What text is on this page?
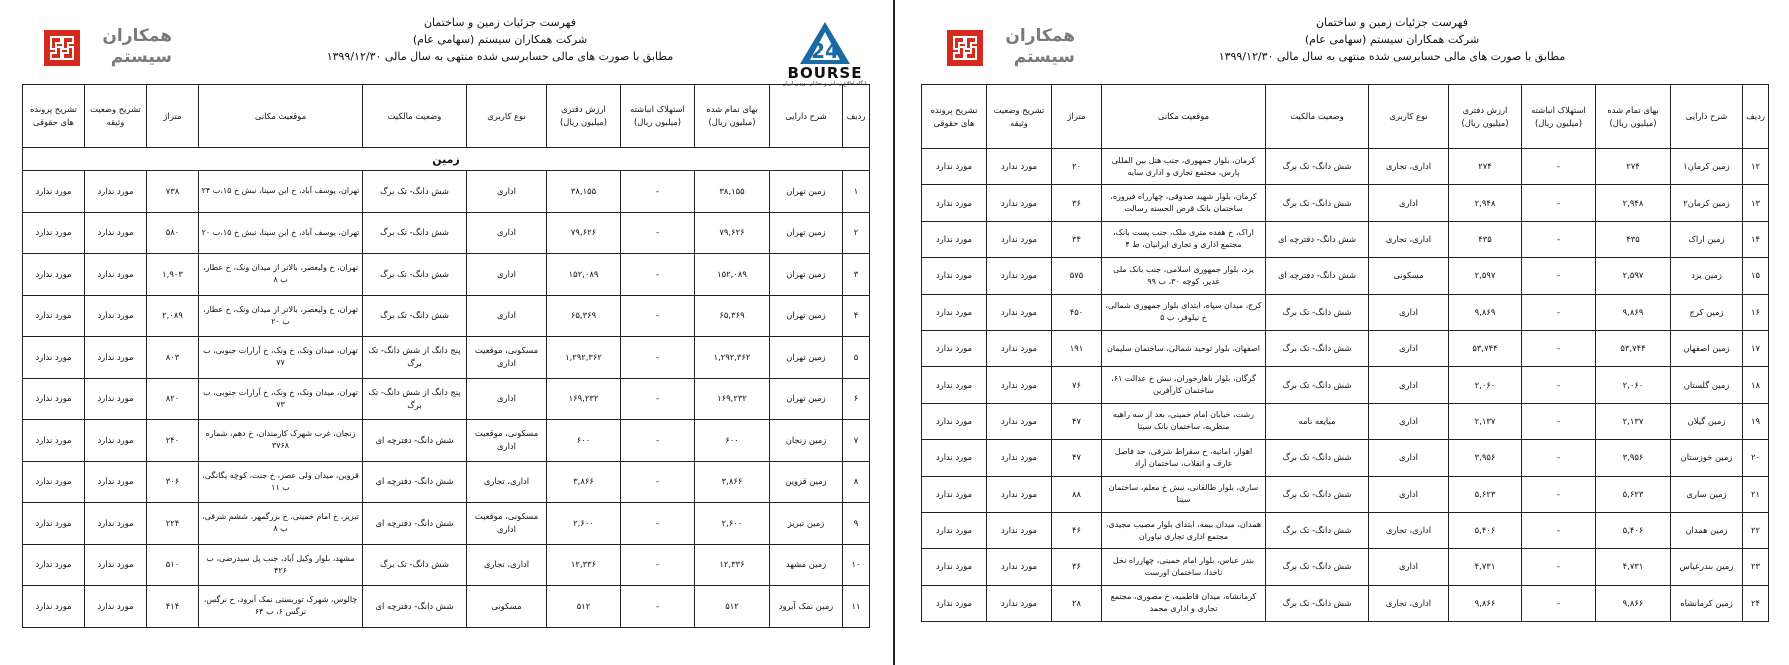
همکاران
سیستم
فهرست جزئیات زمین و ساختمان
شرکت همکاران سیستم (سهامی عام)
مطابق با صورت های مالی حسابرسی شده منتهی به سال مالی ۱۳۹۹/۱۲/۳۰	24
BOURSE
پایگاه اطلاع رسانی و تحلیلی بورس ایران
ردیف	شرح دارایی	بهای تمام شده (میلیون ریال)	استهلاک انباشته (میلیون ریال)	ارزش دفتری (میلیون ریال)	نوع کاربری	وضعیت مالکیت	موقعیت مکانی	متراژ	تشریح وضعیت وثیقه	تشریح پرونده های حقوقی
زمین										
۱	زمین تهران	۳۸,۱۵۵	-	۳۸,۱۵۵	اداری	شش دانگ- تک برگ	تهران، یوسف آباد، خ ابن سینا، نبش خ ۱۵،ب ۲۴	۷۳۸	مورد ندارد	مورد ندارد
۲	زمین تهران	۷۹,۶۲۶	-	۷۹,۶۲۶	اداری	شش دانگ- تک برگ	تهران، یوسف آباد، خ ابن سینا، نبش خ ۱۵،ب ۲۰	۵۸۰	مورد ندارد	مورد ندارد
۳	زمین تهران	۱۵۲,۰۸۹	-	۱۵۲,۰۸۹	اداری	شش دانگ- تک برگ	تهران، خ ولیعصر، بالاتر از میدان ونک، خ عطار، ب ۸	۱,۹۰۳	مورد ندارد	مورد ندارد
۴	زمین تهران	۶۵,۳۶۹	-	۶۵,۳۶۹	اداری	شش دانگ- تک برگ	تهران، خ ولیعصر، بالاتر از میدان ونک، خ عطار، ب ۲۰	۲,۰۸۹	مورد ندارد	مورد ندارد
۵	زمین تهران	۱,۲۹۲,۳۶۲	-	۱,۲۹۲,۳۶۲	مسکونی، موقعیت اداری	پنج دانگ از شش دانگ- تک برگ	تهران، میدان ونک، خ ونک، خ آرارات جنوبی، ب ۷۷	۸۰۳	مورد ندارد	مورد ندارد
۶	زمین تهران	۱۶۹,۲۳۲	-	۱۶۹,۲۳۲	اداری	پنج دانگ از شش دانگ- تک برگ	تهران، میدان ونک، خ ونک، خ آرارات جنوبی، ب ۷۳	۸۲۰	مورد ندارد	مورد ندارد
۷	زمین زنجان	۶۰۰	-	۶۰۰	مسکونی، موقعیت اداری	شش دانگ- دفترچه ای	زنجان، غرب شهرک کارمندان، خ دهم، شماره ۳۷۶۸	۲۴۰	مورد ندارد	مورد ندارد
۸	زمین قزوین	۳,۸۶۶	-	۳,۸۶۶	اداری، تجاری	شش دانگ- دفترچه ای	قزوین، میدان ولی عصر، خ جنت، کوچه یگانگی، ب ۱۱	۳۰۶	مورد ندارد	مورد ندارد
۹	زمین تبریز	۲,۶۰۰	-	۲,۶۰۰	مسکونی، موقعیت اداری	شش دانگ- دفترچه ای	تبریز، خ امام خمینی، خ بزرگمهر، ششم شرقی، ب ۸	۲۲۴	مورد ندارد	مورد ندارد
۱۰	زمین مشهد	۱۲,۳۳۶	-	۱۲,۳۳۶	اداری، تجاری	شش دانگ- تک برگ	مشهد، بلوار وکیل آباد، جنب پل سیدرضی، ب ۴۲۶	۵۱۰	مورد ندارد	مورد ندارد
۱۱	زمین نمک آبرود	۵۱۲	-	۵۱۲	مسکونی	شش دانگ- دفترچه ای	چالوس، شهرک توریستی نمک آبرود، خ نرگس، نرگس ۶، ب ۶۴	۴۱۴	مورد ندارد	مورد ندارد
همکاران
سیستم
فهرست جزئیات زمین و ساختمان
شرکت همکاران سیستم (سهامی عام)
مطابق با صورت های مالی حسابرسی شده منتهی به سال مالی ۱۳۹۹/۱۲/۳۰
ردیف	شرح دارایی	بهای تمام شده (میلیون ریال)	استهلاک انباشته (میلیون ریال)	ارزش دفتری (میلیون ریال)	نوع کاربری	وضعیت مالکیت	موقعیت مکانی	متراژ	تشریح وضعیت وثیقه	تشریح پرونده های حقوقی
۱۲	زمین کرمان۱	۲۷۴	-	۲۷۴	اداری، تجاری	شش دانگ- تک برگ	کرمان، بلوار جمهوری، جنب هتل بین المللی پارس، مجتمع تجاری و اداری سایه	۲۰	مورد ندارد	مورد ندارد
۱۳	زمین کرمان۲	۲,۹۴۸	-	۲,۹۴۸	اداری	شش دانگ- تک برگ	کرمان، بلوار شهید صدوقی، چهارراه فیروزه، ساختمان بانک قرض الحسنه رسالت	۳۶	مورد ندارد	مورد ندارد
۱۴	زمین اراک	۴۳۵	-	۴۳۵	اداری، تجاری	شش دانگ- دفترچه ای	اراک، خ هفده متری ملک، جنب پست بانک، مجتمع اداری و تجاری ایرانیان، ط ۴	۳۴	مورد ندارد	مورد ندارد
۱۵	زمین یزد	۲,۵۹۷	-	۲,۵۹۷	مسکونی	شش دانگ- دفترچه ای	یزد، بلوار جمهوری اسلامی، جنب بانک ملی غدیر، کوچه ۳۰، ب ۹۹	۵۷۵	مورد ندارد	مورد ندارد
۱۶	زمین کرج	۹,۸۶۹	-	۹,۸۶۹	اداری	شش دانگ- تک برگ	کرج، میدان سپاه، ابتدای بلوار جمهوری شمالی، خ نیلوفر، ب ۵	۴۵۰	مورد ندارد	مورد ندارد
۱۷	زمین اصفهان	۵۳,۷۴۴	-	۵۳,۷۴۴	اداری	شش دانگ- تک برگ	اصفهان، بلوار توحید شمالی، ساختمان سلیمان	۱۹۱	مورد ندارد	مورد ندارد
۱۸	زمین گلستان	۲,۰۶۰	-	۲,۰۶۰	اداری	شش دانگ- تک برگ	گرگان، بلوار ناهارخوران، نبش خ عدالت ۶۱، ساختمان کارآفرین	۷۶	مورد ندارد	مورد ندارد
۱۹	زمین گیلان	۲,۱۳۷	-	۲,۱۳۷	اداری	مبایعه نامه	رشت، خیابان امام خمینی، بعد از سه راهیه منظریه، ساختمان بانک سینا	۴۷	مورد ندارد	مورد ندارد
۲۰	زمین خوزستان	۳,۹۵۶	-	۳,۹۵۶	اداری	شش دانگ- تک برگ	اهواز، امانیه، خ سقراط شرقی، حد فاصل عارف و انقلاب، ساختمان آراد	۴۷	مورد ندارد	مورد ندارد
۲۱	زمین ساری	۵,۶۲۳	-	۵,۶۲۳	اداری	شش دانگ- تک برگ	ساری، بلوار طالقانی، نبش خ معلم، ساختمان سینا	۸۸	مورد ندارد	مورد ندارد
۲۲	زمین همدان	۵,۴۰۶	-	۵,۴۰۶	اداری، تجاری	شش دانگ- تک برگ	همدان، میدان بیمه، ابتدای بلوار مصیب مجیدی، مجتمع اداری تجاری نیاوران	۴۶	مورد ندارد	مورد ندارد
۲۳	زمین بندرعباس	۴,۷۳۱	-	۴,۷۳۱	اداری	شش دانگ- تک برگ	بندر عباس، بلوار امام خمینی، چهارراه نخل ناخدا، ساختمان اورست	۳۶	مورد ندارد	مورد ندارد
۲۴	زمین کرمانشاه	۹,۸۶۶	-	۹,۸۶۶	اداری، تجاری	شش دانگ- تک برگ	کرمانشاه، میدان قاطمیه، خ مصوری، مجتمع تجاری و اداری محمد	۲۸	مورد ندارد	مورد ندارد
